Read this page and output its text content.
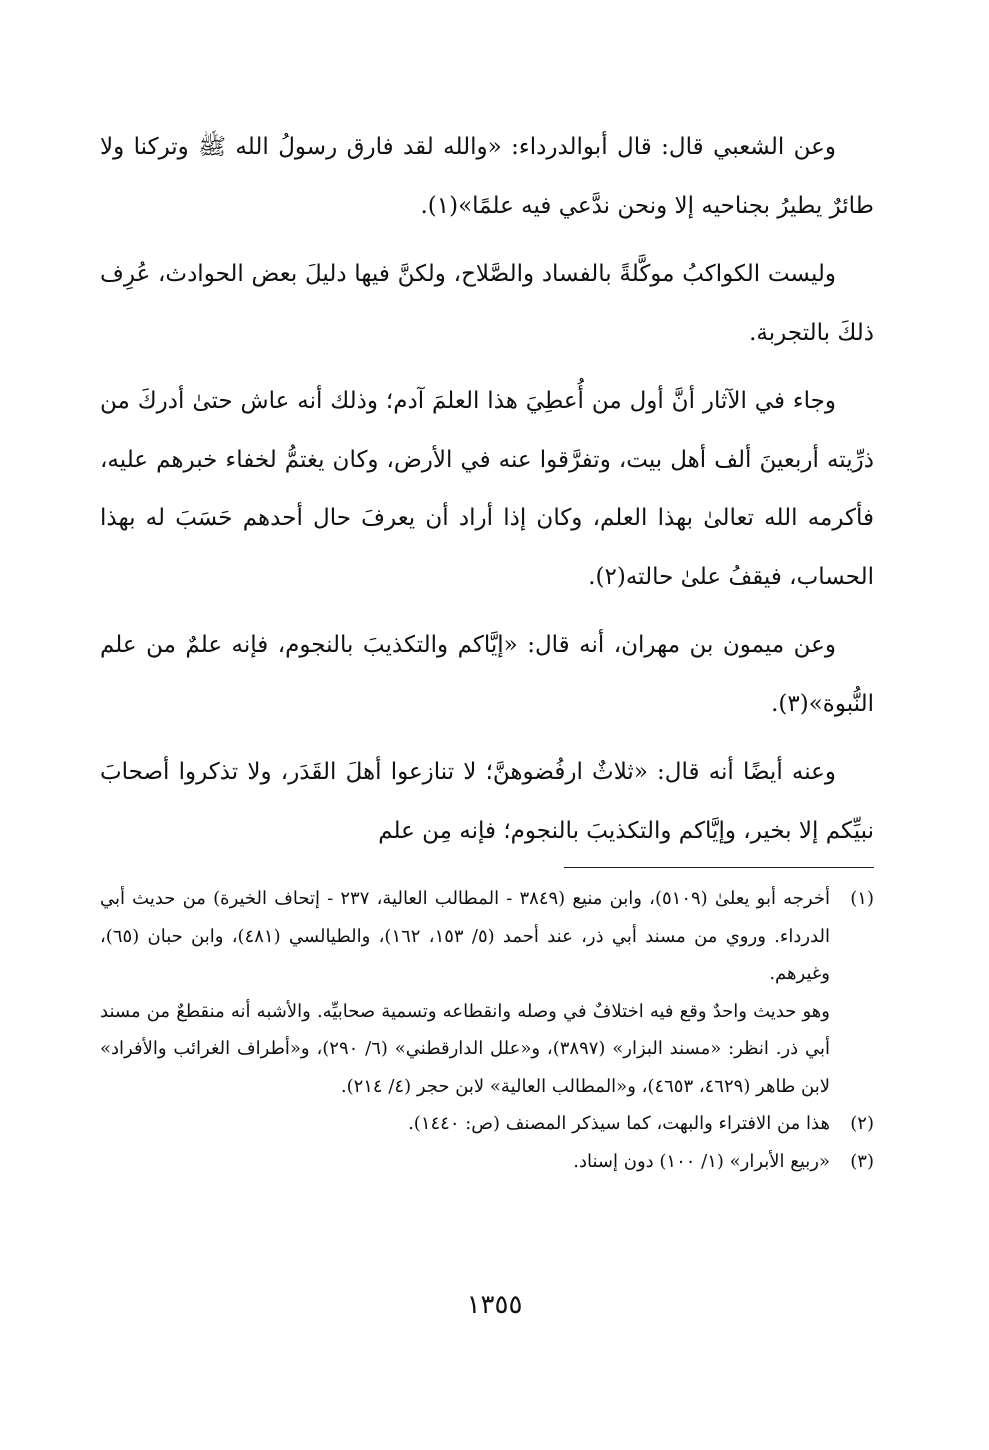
وعن الشعبي قال: قال أبوالدرداء: «والله لقد فارق رسولُ الله ﷺ وتركنا ولا طائرٌ يطيرُ بجناحيه إلا ونحن ندَّعي فيه علمًا»(١).

وليست الكواكبُ موكَّلةً بالفساد والصَّلاح، ولكنَّ فيها دليلَ بعض الحوادث، عُرِف ذلكَ بالتجربة.

وجاء في الآثار أنَّ أول من أُعطِيَ هذا العلمَ آدم؛ وذلك أنه عاش حتىٰ أدركَ من ذرِّيته أربعينَ ألف أهل بيت، وتفرَّقوا عنه في الأرض، وكان يغتمُّ لخفاء خبرهم عليه، فأكرمه الله تعالىٰ بهذا العلم، وكان إذا أراد أن يعرفَ حال أحدهم حَسَبَ له بهذا الحساب، فيقفُ علىٰ حالته(٢).

وعن ميمون بن مهران، أنه قال: «إيَّاكم والتكذيبَ بالنجوم، فإنه علمٌ من علم النُّبوة»(٣).

وعنه أيضًا أنه قال: «ثلاثٌ ارفُضوهنَّ؛ لا تنازعوا أهلَ القَدَر، ولا تذكروا أصحابَ نبيِّكم إلا بخير، وإيَّاكم والتكذيبَ بالنجوم؛ فإنه مِن علم

(١)

أخرجه أبو يعلىٰ (٥١٠٩)، وابن منيع (٣٨٤٩ - المطالب العالية، ٢٣٧ - إتحاف الخيرة) من حديث أبي الدرداء. وروي من مسند أبي ذر، عند أحمد (٥/ ١٥٣، ١٦٢)، والطيالسي (٤٨١)، وابن حبان (٦٥)، وغيرهم.

وهو حديث واحدٌ وقع فيه اختلافٌ في وصله وانقطاعه وتسمية صحابيِّه. والأشبه أنه منقطعٌ من مسند أبي ذر. انظر: «مسند البزار» (٣٨٩٧)، و«علل الدارقطني» (٦/ ٢٩٠)، و«أطراف الغرائب والأفراد» لابن طاهر (٤٦٢٩، ٤٦٥٣)، و«المطالب العالية» لابن حجر (٤/ ٢١٤).

(٢)

هذا من الافتراء والبهت، كما سيذكر المصنف (ص: ١٤٤٠).

(٣)

«ربيع الأبرار» (١/ ١٠٠) دون إسناد.

١٣٥٥
